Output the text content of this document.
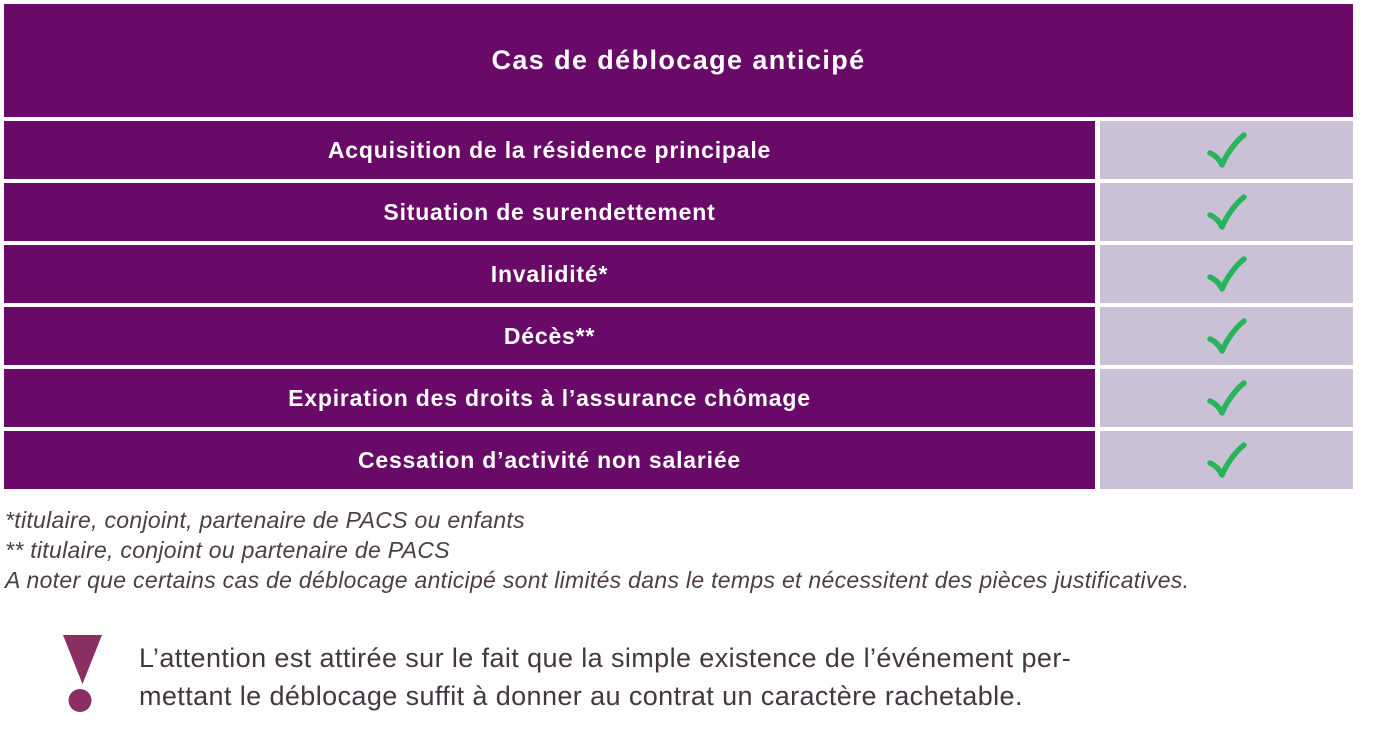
Cas de déblocage anticipé
Acquisition de la résidence principale
Situation de surendettement
Invalidité*
Décès**
Expiration des droits à l’assurance chômage
Cessation d’activité non salariée
*titulaire, conjoint, partenaire de PACS ou enfants
** titulaire, conjoint ou partenaire de PACS
A noter que certains cas de déblocage anticipé sont limités dans le temps et nécessitent des pièces justificatives.
L’attention est attirée sur le fait que la simple existence de l’événement per-
mettant le déblocage suffit à donner au contrat un caractère rachetable.
